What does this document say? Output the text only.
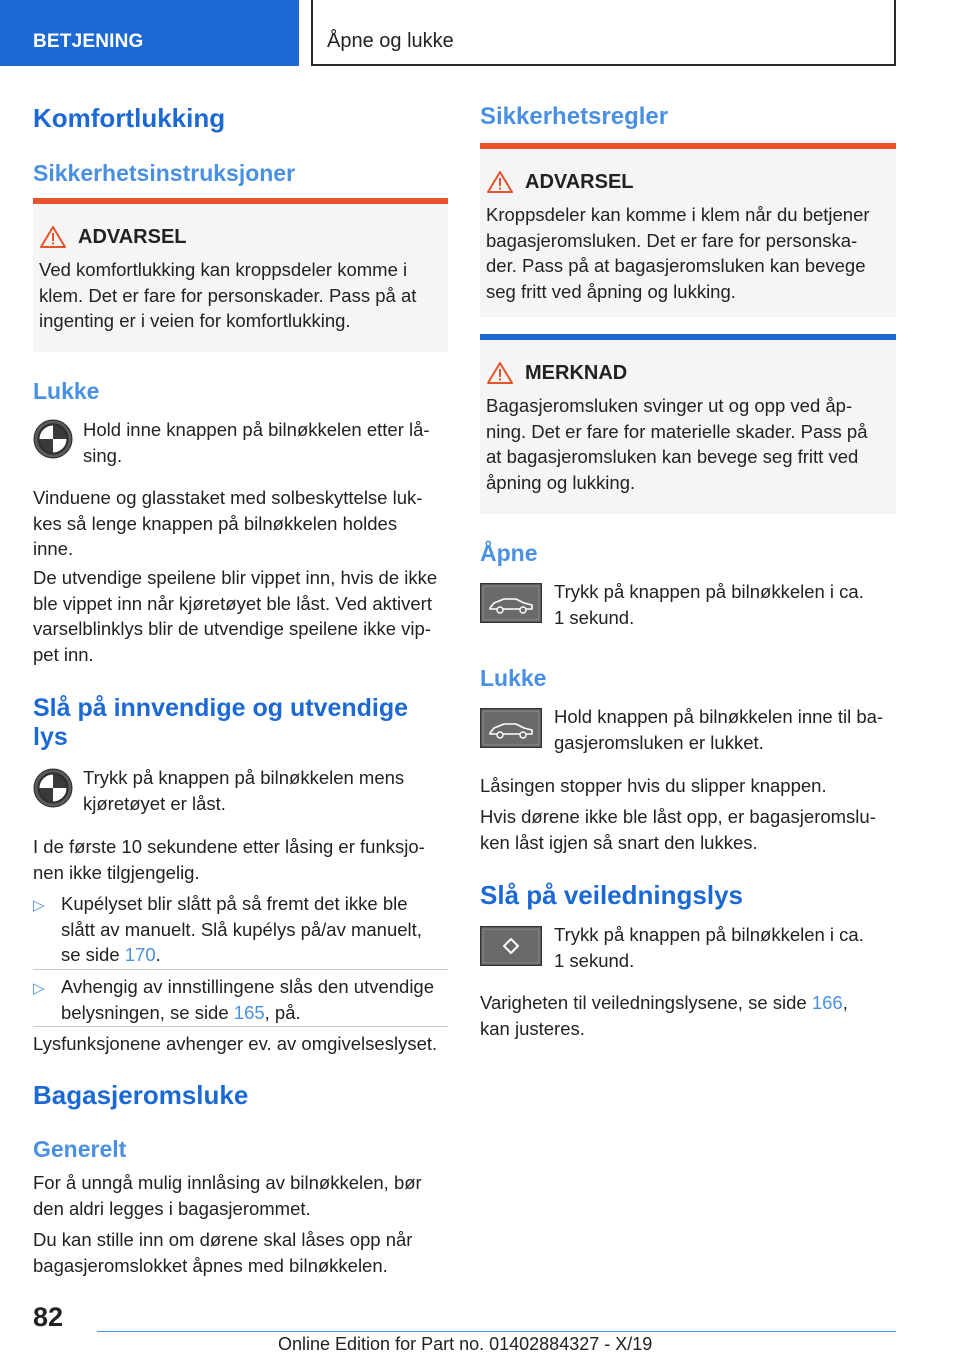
BETJENING	Åpne og lukke
Komfortlukking
Sikkerhetsinstruksjoner
ADVARSEL
Ved komfortlukking kan kroppsdeler komme i
klem. Det er fare for personskader. Pass på at
ingenting er i veien for komfortlukking.
Lukke
Hold inne knappen på bilnøkkelen etter lå-
sing.
Vinduene og glasstaket med solbeskyttelse luk-
kes så lenge knappen på bilnøkkelen holdes
inne.
De utvendige speilene blir vippet inn, hvis de ikke
ble vippet inn når kjøretøyet ble låst. Ved aktivert
varselblinklys blir de utvendige speilene ikke vip-
pet inn.
Slå på innvendige og utvendige
lys
Trykk på knappen på bilnøkkelen mens
kjøretøyet er låst.
I de første 10 sekundene etter låsing er funksjo-
nen ikke tilgjengelig.
▷ Kupélyset blir slått på så fremt det ikke ble
slått av manuelt. Slå kupélys på/av manuelt,
se side 170.
▷ Avhengig av innstillingene slås den utvendige
belysningen, se side 165, på.
Lysfunksjonene avhenger ev. av omgivelseslyset.
Bagasjeromsluke
Generelt
For å unngå mulig innlåsing av bilnøkkelen, bør
den aldri legges i bagasjerommet.
Du kan stille inn om dørene skal låses opp når
bagasjeromslokket åpnes med bilnøkkelen.
Sikkerhetsregler
ADVARSEL
Kroppsdeler kan komme i klem når du betjener
bagasjeromsluken. Det er fare for personska-
der. Pass på at bagasjeromsluken kan bevege
seg fritt ved åpning og lukking.
MERKNAD
Bagasjeromsluken svinger ut og opp ved åp-
ning. Det er fare for materielle skader. Pass på
at bagasjeromsluken kan bevege seg fritt ved
åpning og lukking.
Åpne
Trykk på knappen på bilnøkkelen i ca.
1 sekund.
Lukke
Hold knappen på bilnøkkelen inne til ba-
gasjeromsluken er lukket.
Låsingen stopper hvis du slipper knappen.
Hvis dørene ikke ble låst opp, er bagasjeromslu-
ken låst igjen så snart den lukkes.
Slå på veiledningslys
Trykk på knappen på bilnøkkelen i ca.
1 sekund.
Varigheten til veiledningslysene, se side 166,
kan justeres.
82
Online Edition for Part no. 01402884327 - X/19
